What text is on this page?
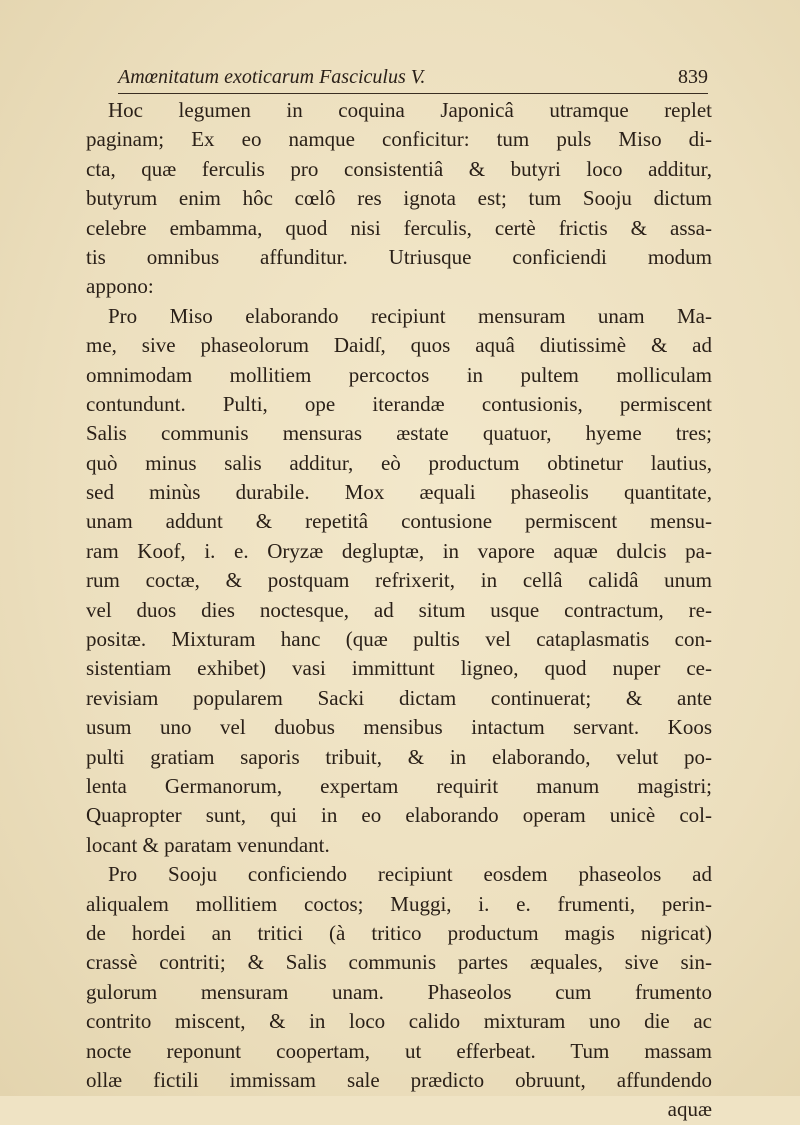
Amœnitatum exoticarum Fasciculus V.	839
Hoc legumen in coquina Japonicâ utramque replet
paginam; Ex eo namque conficitur: tum puls Miso di-
cta, quæ ferculis pro consistentiâ & butyri loco additur,
butyrum enim hôc cœlô res ignota est; tum Sooju dictum
celebre embamma, quod nisi ferculis, certè frictis & assa-
tis omnibus affunditur. Utriusque conficiendi modum
appono:
Pro Miso elaborando recipiunt mensuram unam Ma-
me, sive phaseolorum Daidſ, quos aquâ diutissimè & ad
omnimodam mollitiem percoctos in pultem molliculam
contundunt. Pulti, ope iterandæ contusionis, permiscent
Salis communis mensuras æstate quatuor, hyeme tres;
quò minus salis additur, eò productum obtinetur lautius,
sed minùs durabile. Mox æquali phaseolis quantitate,
unam addunt & repetitâ contusione permiscent mensu-
ram Koof, i. e. Oryzæ degluptæ, in vapore aquæ dulcis pa-
rum coctæ, & postquam refrixerit, in cellâ calidâ unum
vel duos dies noctesque, ad situm usque contractum, re-
positæ. Mixturam hanc (quæ pultis vel cataplasmatis con-
sistentiam exhibet) vasi immittunt ligneo, quod nuper ce-
revisiam popularem Sacki dictam continuerat; & ante
usum uno vel duobus mensibus intactum servant. Koos
pulti gratiam saporis tribuit, & in elaborando, velut po-
lenta Germanorum, expertam requirit manum magistri;
Quapropter sunt, qui in eo elaborando operam unicè col-
locant & paratam venundant.
Pro Sooju conficiendo recipiunt eosdem phaseolos ad
aliqualem mollitiem coctos; Muggi, i. e. frumenti, perin-
de hordei an tritici (à tritico productum magis nigricat)
crassè contriti; & Salis communis partes æquales, sive sin-
gulorum mensuram unam. Phaseolos cum frumento
contrito miscent, & in loco calido mixturam uno die ac
nocte reponunt coopertam, ut efferbeat. Tum massam
ollæ fictili immissam sale prædicto obruunt, affundendo
aquæ
